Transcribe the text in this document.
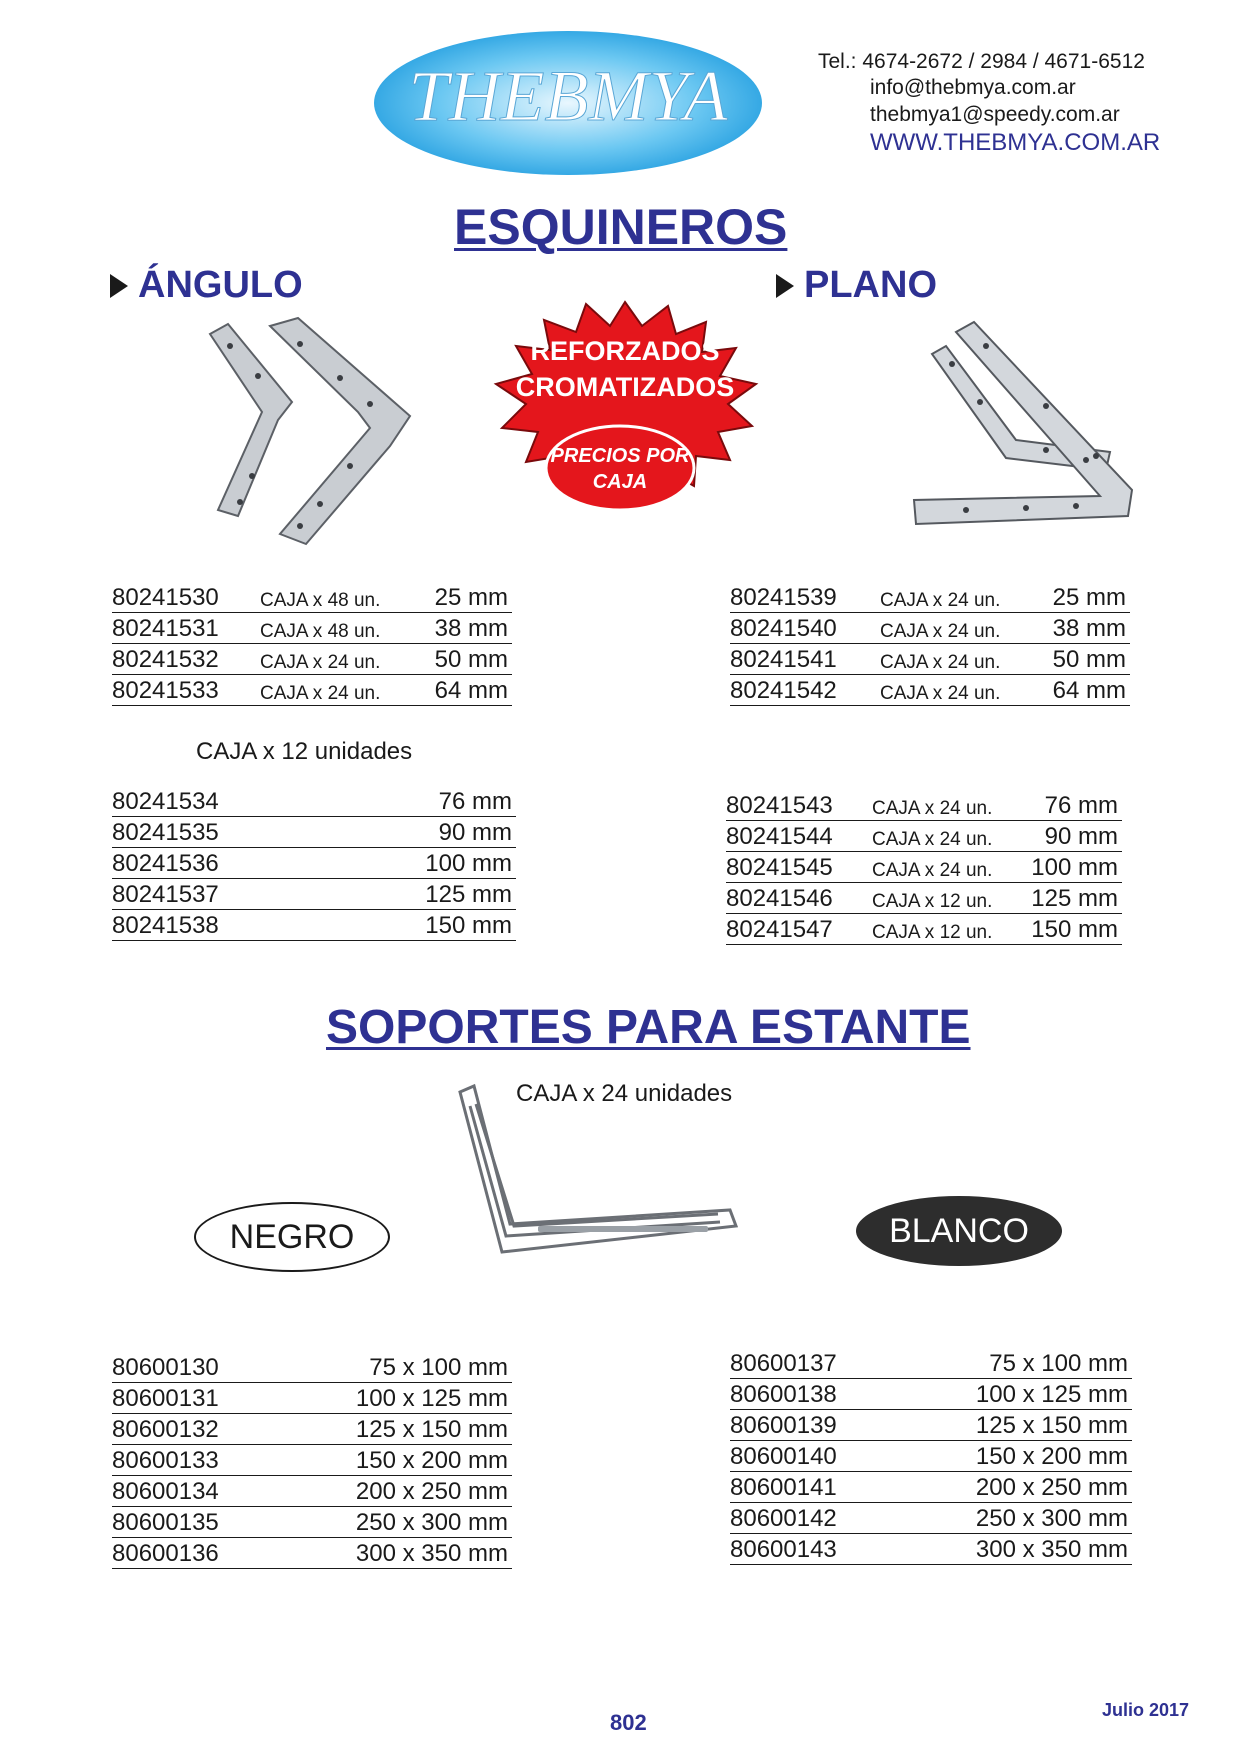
THEBMYA	Tel.: 4674-2672 / 2984 / 4671-6512
info@thebmya.com.ar
thebmya1@speedy.com.ar
WWW.THEBMYA.COM.AR
ESQUINEROS
ÁNGULO	PLANO
REFORZADOS
CROMATIZADOS
PRECIOS POR
CAJA
80241530 CAJA x 48 un. 25 mm
80241531 CAJA x 48 un. 38 mm
80241532 CAJA x 24 un. 50 mm
80241533 CAJA x 24 un. 64 mm
CAJA x 12 unidades
80241534	76 mm
80241535	90 mm
80241536	100 mm
80241537	125 mm
80241538	150 mm
80241539 CAJA x 24 un. 25 mm
80241540 CAJA x 24 un. 38 mm
80241541 CAJA x 24 un. 50 mm
80241542 CAJA x 24 un. 64 mm
80241543 CAJA x 24 un. 76 mm
80241544 CAJA x 24 un. 90 mm
80241545 CAJA x 24 un. 100 mm
80241546 CAJA x 12 un. 125 mm
80241547 CAJA x 12 un. 150 mm
SOPORTES PARA ESTANTE
CAJA x 24 unidades
NEGRO	BLANCO
80600130	75 x 100 mm
80600131	100 x 125 mm
80600132	125 x 150 mm
80600133	150 x 200 mm
80600134	200 x 250 mm
80600135	250 x 300 mm
80600136	300 x 350 mm
80600137	75 x 100 mm
80600138	100 x 125 mm
80600139	125 x 150 mm
80600140	150 x 200 mm
80600141	200 x 250 mm
80600142	250 x 300 mm
80600143	300 x 350 mm
802	Julio 2017
